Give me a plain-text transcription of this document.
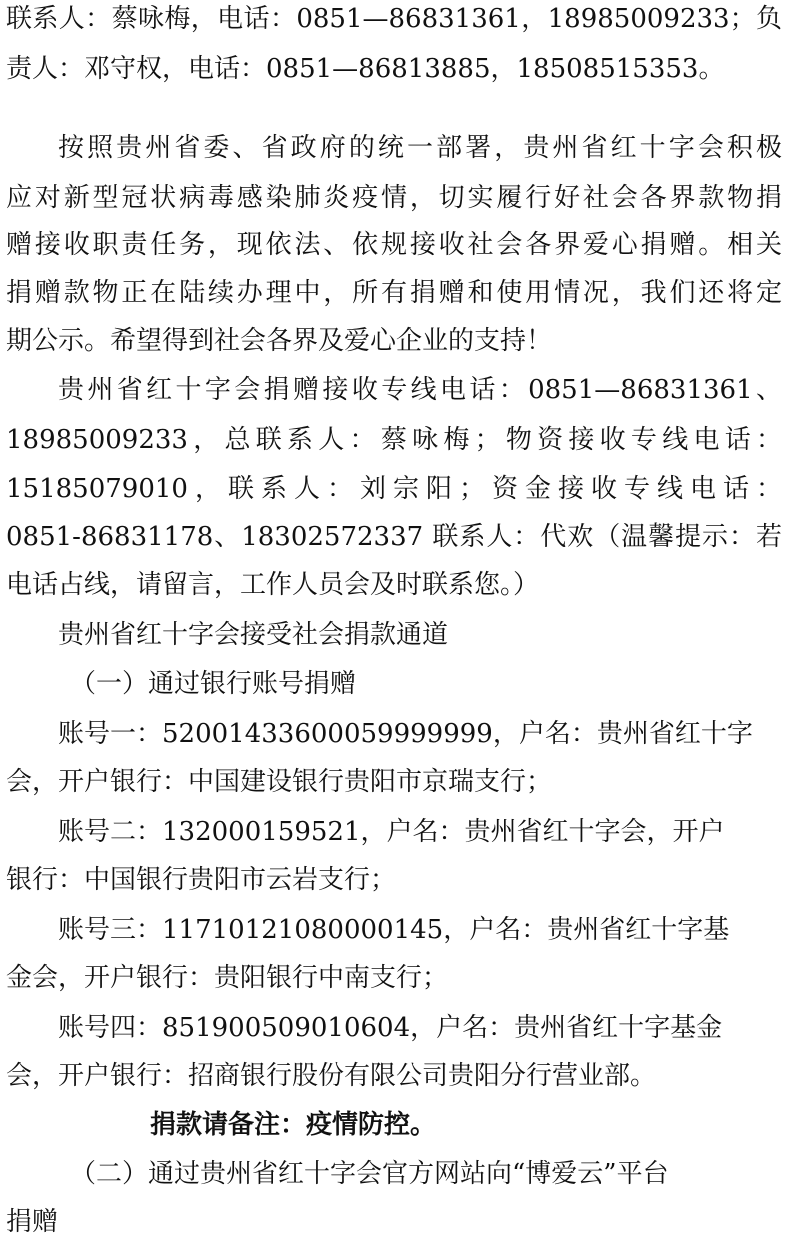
联系人：蔡咏梅，电话：0851—86831361，18985009233；负
责人：邓守权，电话：0851—86813885，18508515353。
按照贵州省委、省政府的统一部署，贵州省红十字会积极
应对新型冠状病毒感染肺炎疫情，切实履行好社会各界款物捐
赠接收职责任务，现依法、依规接收社会各界爱心捐赠。相关
捐赠款物正在陆续办理中，所有捐赠和使用情况，我们还将定
期公示。希望得到社会各界及爱心企业的支持！
贵州省红十字会捐赠接收专线电话：0851—86831361、
18985009233，总联系人：蔡咏梅；物资接收专线电话：
15185079010，联系人：刘宗阳；资金接收专线电话：
0851-86831178、18302572337 联系人：代欢（温馨提示：若
电话占线，请留言，工作人员会及时联系您。）
贵州省红十字会接受社会捐款通道
（一）通过银行账号捐赠
账号一：52001433600059999999，户名：贵州省红十字
会，开户银行：中国建设银行贵阳市京瑞支行；
账号二：132000159521，户名：贵州省红十字会，开户
银行：中国银行贵阳市云岩支行；
账号三：11710121080000145，户名：贵州省红十字基
金会，开户银行：贵阳银行中南支行；
账号四：851900509010604，户名：贵州省红十字基金
会，开户银行：招商银行股份有限公司贵阳分行营业部。
捐款请备注：疫情防控。
（二）通过贵州省红十字会官方网站向“博爱云”平台
捐赠
